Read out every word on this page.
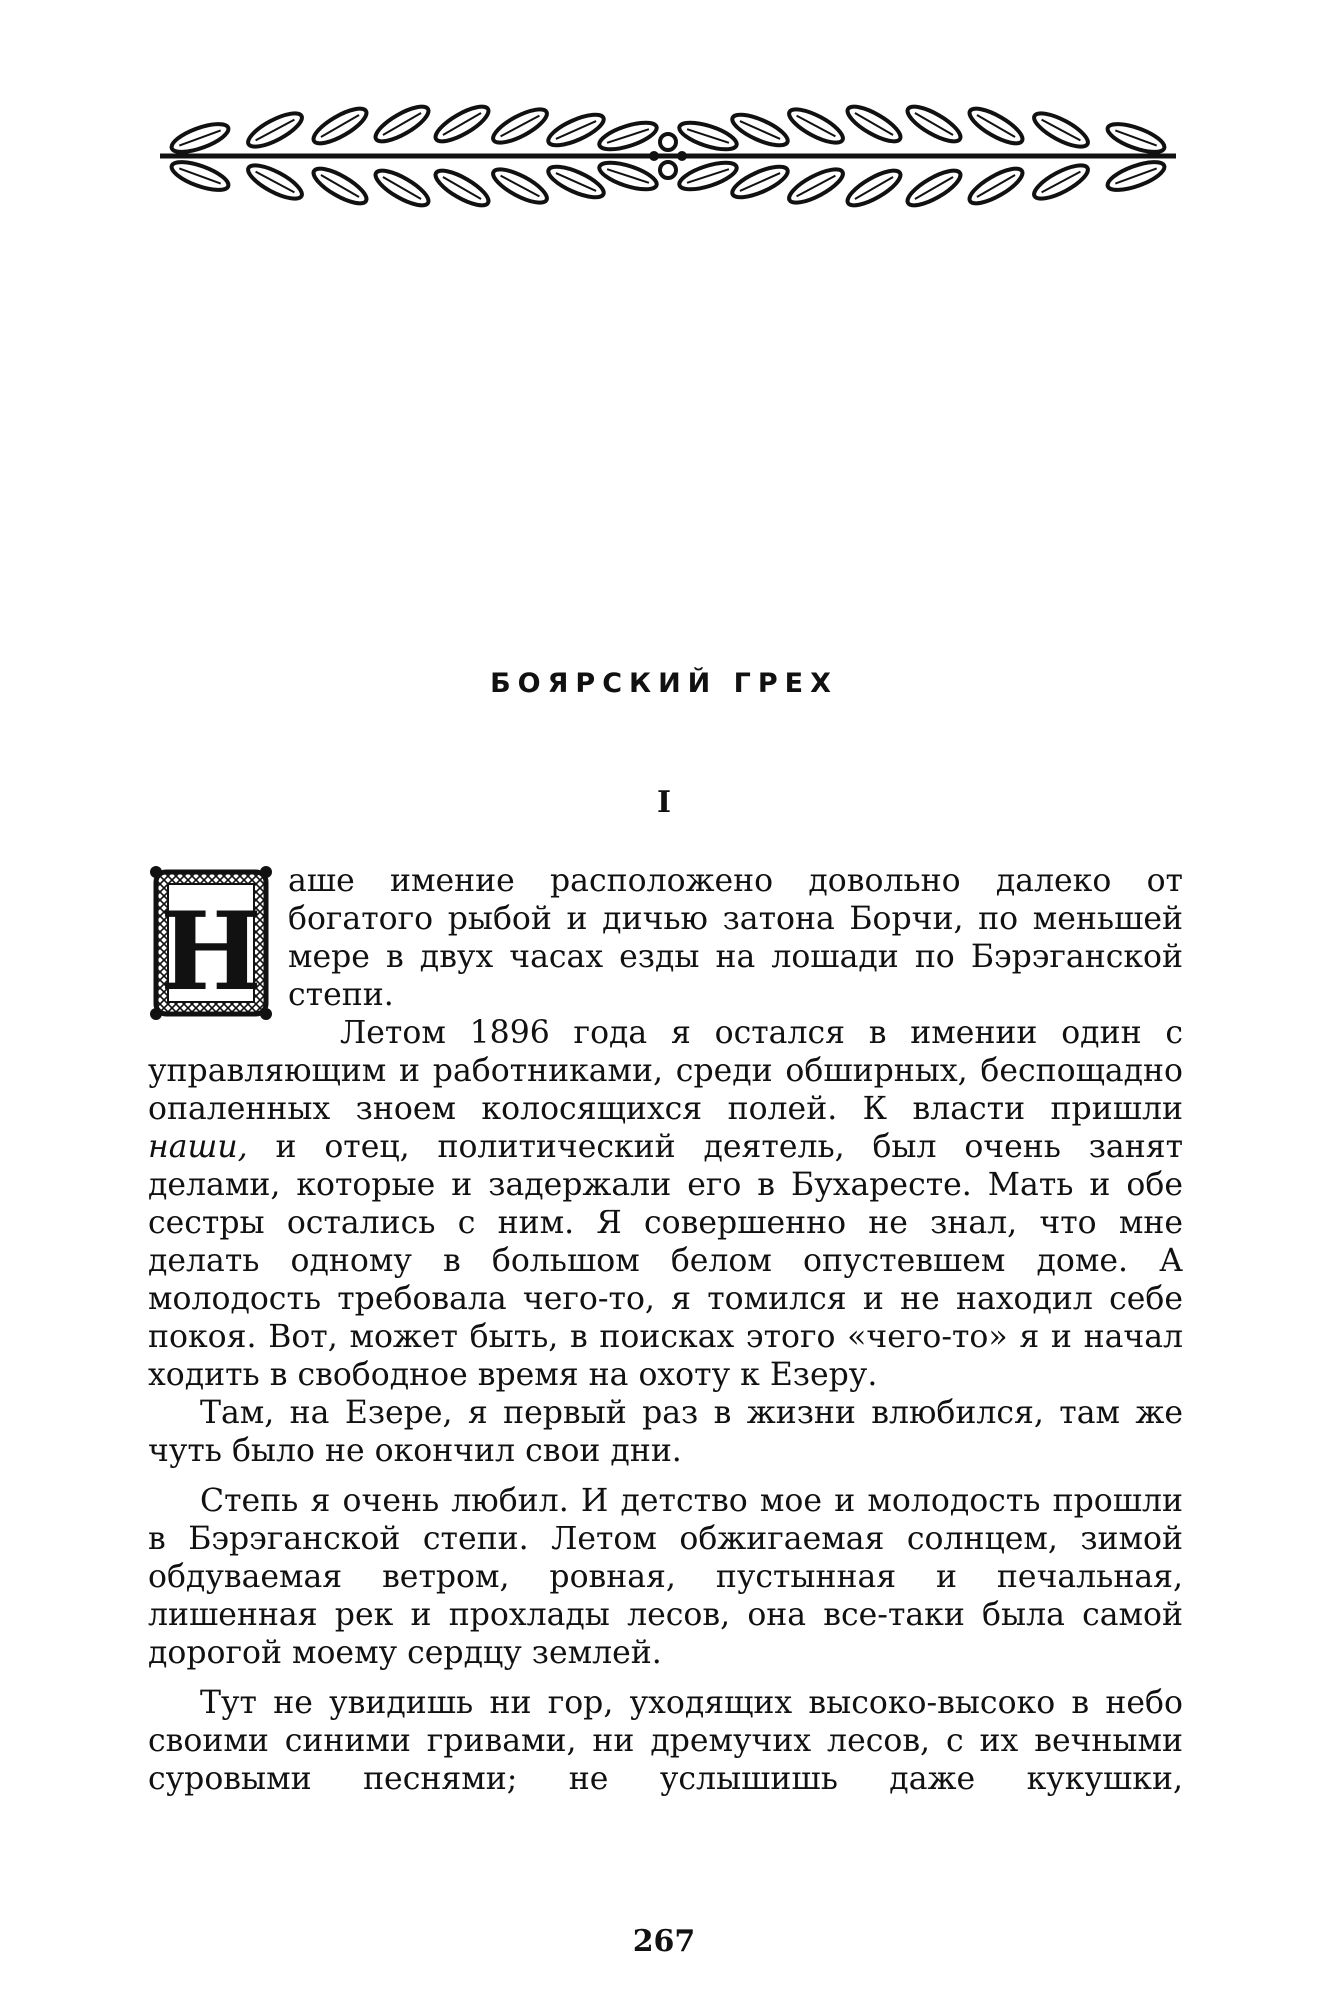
БОЯРСКИЙ ГРЕХ
I
Н

аше имение расположено довольно далеко от богатого рыбой и дичью затона Борчи, по меньшей мере в двух часах езды на лошади по Бэрэганской степи.

Летом 1896 года я остался в имении один с управляющим и работниками, среди обширных, беспощадно опаленных зноем колосящихся полей. К власти пришли наши, и отец, политический деятель, был очень занят делами, которые и задержали его в Бухаресте. Мать и обе сестры остались с ним. Я совершенно не знал, что мне делать одному в большом белом опустевшем доме. А молодость требовала чего-то, я томился и не находил себе покоя. Вот, может быть, в поисках этого «чего-то» я и начал ходить в свободное время на охоту к Езеру.

Там, на Езере, я первый раз в жизни влюбился, там же чуть было не окончил свои дни.

Степь я очень любил. И детство мое и молодость прошли в Бэрэганской степи. Летом обжигаемая солнцем, зимой обдуваемая ветром, ровная, пустынная и печальная, лишенная рек и прохлады лесов, она все-таки была самой дорогой моему сердцу землей.

Тут не увидишь ни гор, уходящих высоко-высоко в небо своими синими гривами, ни дремучих лесов, с их вечными суровыми песнями; не услышишь даже кукушки,

267
